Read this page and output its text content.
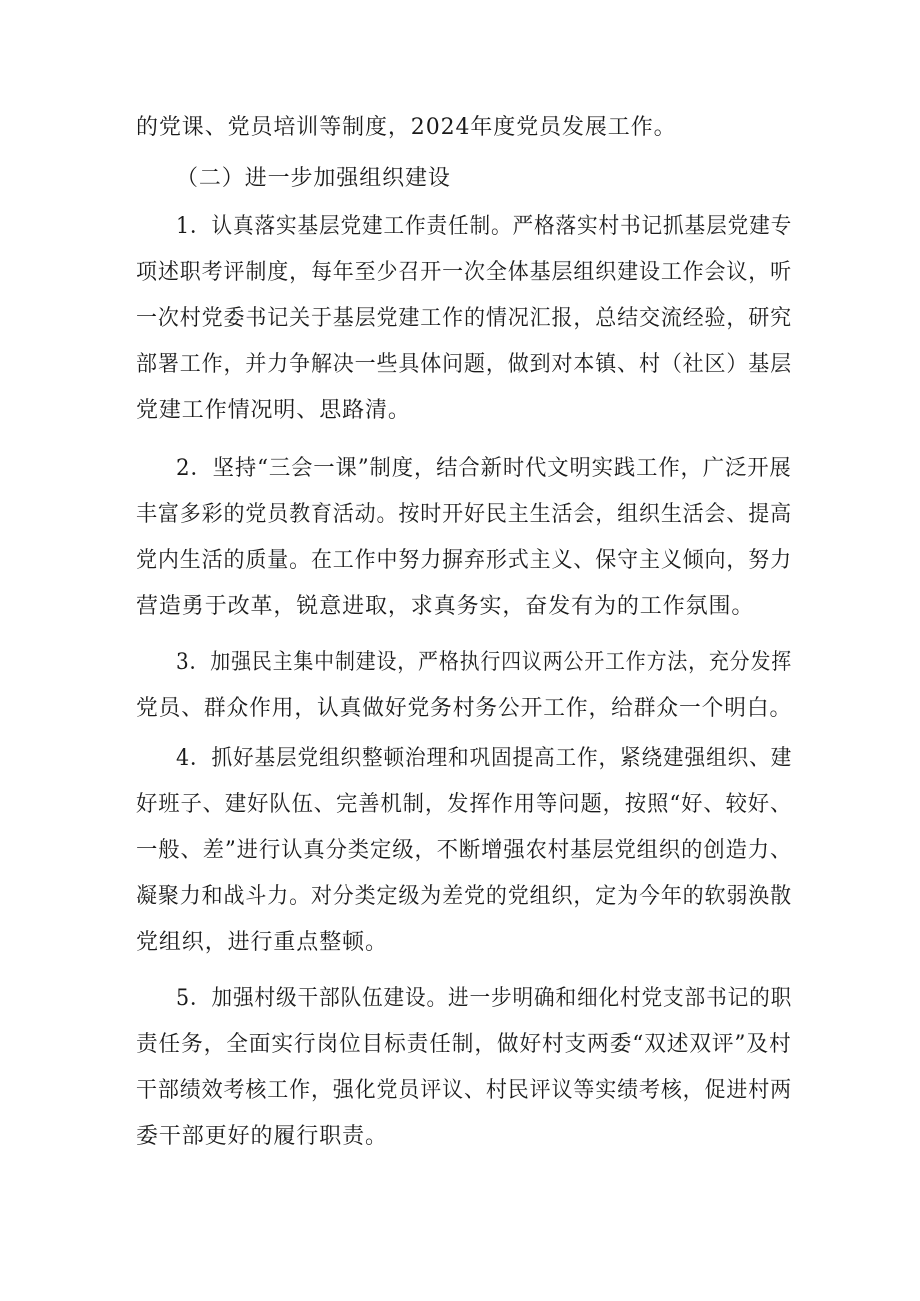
的党课、党员培训等制度，2024年度党员发展工作。
（二）进一步加强组织建设
1．认真落实基层党建工作责任制。严格落实村书记抓基层党建专
项述职考评制度，每年至少召开一次全体基层组织建设工作会议，听
一次村党委书记关于基层党建工作的情况汇报，总结交流经验，研究
部署工作，并力争解决一些具体问题，做到对本镇、村（社区）基层
党建工作情况明、思路清。
2．坚持“三会一课”制度，结合新时代文明实践工作，广泛开展
丰富多彩的党员教育活动。按时开好民主生活会，组织生活会、提高
党内生活的质量。在工作中努力摒弃形式主义、保守主义倾向，努力
营造勇于改革，锐意进取，求真务实，奋发有为的工作氛围。
3．加强民主集中制建设，严格执行四议两公开工作方法，充分发挥
党员、群众作用，认真做好党务村务公开工作，给群众一个明白。
4．抓好基层党组织整顿治理和巩固提高工作，紧绕建强组织、建
好班子、建好队伍、完善机制，发挥作用等问题，按照“好、较好、
一般、差”进行认真分类定级，不断增强农村基层党组织的创造力、
凝聚力和战斗力。对分类定级为差党的党组织，定为今年的软弱涣散
党组织，进行重点整顿。
5．加强村级干部队伍建设。进一步明确和细化村党支部书记的职
责任务，全面实行岗位目标责任制，做好村支两委“双述双评”及村
干部绩效考核工作，强化党员评议、村民评议等实绩考核，促进村两
委干部更好的履行职责。
